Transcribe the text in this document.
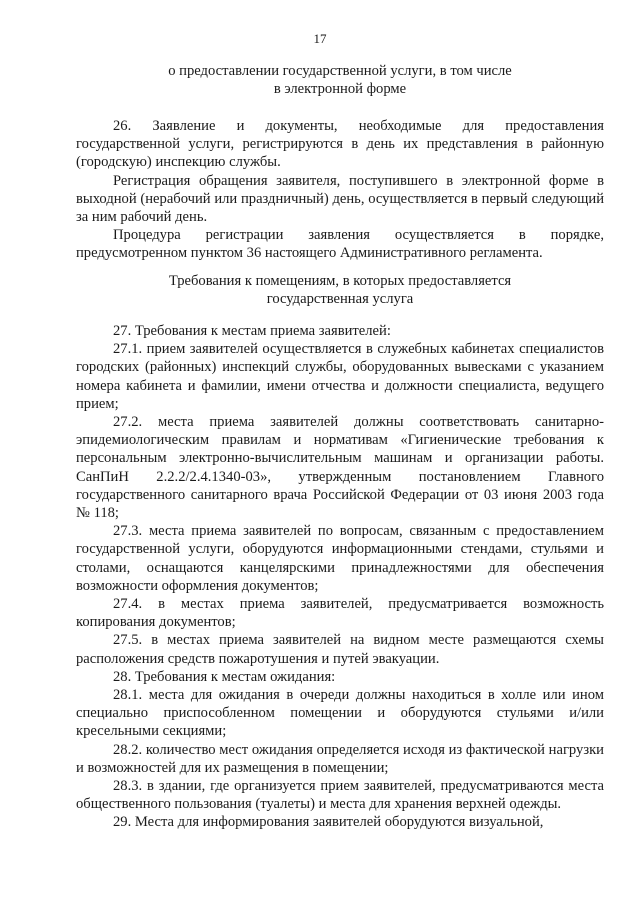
17
о предоставлении государственной услуги, в том числе
в электронной форме

26. Заявление и документы, необходимые для предоставления государственной услуги, регистрируются в день их представления в районную (городскую) инспекцию службы.

Регистрация обращения заявителя, поступившего в электронной форме в выходной (нерабочий или праздничный) день, осуществляется в первый следующий за ним рабочий день.

Процедура регистрации заявления осуществляется в порядке, предусмотренном пунктом 36 настоящего Административного регламента.

Требования к помещениям, в которых предоставляется
государственная услуга

27. Требования к местам приема заявителей:

27.1. прием заявителей осуществляется в служебных кабинетах специалистов городских (районных) инспекций службы, оборудованных вывесками с указанием номера кабинета и фамилии, имени отчества и должности специалиста, ведущего прием;

27.2. места приема заявителей должны соответствовать санитарно-эпидемиологическим правилам и нормативам «Гигиенические требования к персональным электронно-вычислительным машинам и организации работы. СанПиН 2.2.2/2.4.1340-03», утвержденным постановлением Главного государственного санитарного врача Российской Федерации от 03 июня 2003 года № 118;

27.3. места приема заявителей по вопросам, связанным с предоставлением государственной услуги, оборудуются информационными стендами, стульями и столами, оснащаются канцелярскими принадлежностями для обеспечения возможности оформления документов;

27.4. в местах приема заявителей, предусматривается возможность копирования документов;

27.5. в местах приема заявителей на видном месте размещаются схемы расположения средств пожаротушения и путей эвакуации.

28. Требования к местам ожидания:

28.1. места для ожидания в очереди должны находиться в холле или ином специально приспособленном помещении и оборудуются стульями и/или кресельными секциями;

28.2. количество мест ожидания определяется исходя из фактической нагрузки и возможностей для их размещения в помещении;

28.3. в здании, где организуется прием заявителей, предусматриваются места общественного пользования (туалеты) и места для хранения верхней одежды.

29. Места для информирования заявителей оборудуются визуальной,
